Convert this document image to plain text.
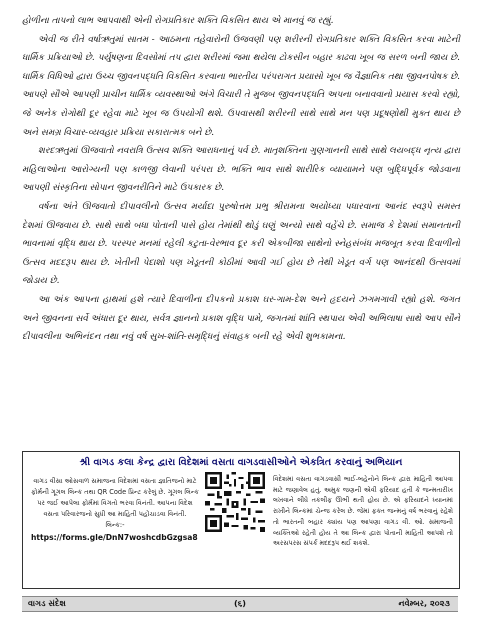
હોળીના તાપનો લાભ આપવાથી એની રોગપ્રતિકાર શક્તિ વિકસિત થાય એ માનવું જ રહ્યું.

એવી જ રીતે વર્ષાઋતુમાં સાતમ - આઠમના તહેવારોની ઉજવણી પણ શરીરની રોગપ્રતિકાર શક્તિ વિકસિત કરવા માટેની ધાર્મિક પ્રક્રિયાઓ છે. પર્યુષણના દિવસોમાં તપ દ્વારા શરીરમાં જમા થયેલા ટોકસીન બહાર કાઢવા ખૂબ જ સરળ બની જાય છે. ધાર્મિક વિધિઓ દ્વારા ઉચ્ચ જીવનપદ્ધતિ વિકસિત કરવાના ભારતીય પરંપરાગત પ્રયાસો ખૂબ જ વૈજ્ઞાનિક તથા જીવનપોષક છે. આપણે સૌએ આપણી પ્રાચીન ધાર્મિક વ્યવસ્થાઓ અંગે વિચારી તે મુજબ જીવનપદ્ધતિ અપના બનાવવાનો પ્રયાસ કરવો રહ્યો, જે અનેક રોગોથી દૂર રહેવા માટે ખૂબ જ ઉપયોગી થશે. ઉપવાસથી શરીરની સાથે સાથે મન પણ પ્રદૂષણોથી મુક્ત થાય છે અને સમગ્ર વિચાર-વ્યવહાર પ્રક્રિયા સકારાત્મક બને છે.

શરદઋતુમાં ઊજવાતો નવરાત્રિ ઉત્સવ શક્તિ આરાધનાનું પર્વ છે. માતૃશક્તિના ગુણગાનની સાથે સાથે લયબદ્ધ નૃત્ય દ્વારા મહિલાઓના આરોગ્યની પણ કાળજી લેવાની પરંપરા છે. ભક્તિ ભાવ સાથે શારીરિક વ્યાયામને પણ બુદ્ધિપૂર્વક જોડવાના આપણી સંસ્કૃતિના સોપાન જીવનરીતિને માટે ઉપકારક છે.

વર્ષના અંતે ઊજવાતો દીપાવલીનો ઉત્સવ મર્યાદા પુરુષોત્તમ પ્રભુ શ્રીરામના અયોધ્યા પધારવાના આનંદ સ્વરૂપે સમસ્ત દેશમાં ઊજવાય છે. સાથે સાથે બધા પોતાની પાસે હોય તેમાંથી થોડું ઘણું અન્યો સાથે વહેંચે છે. સમાજ કે દેશમાં સમાનતાની ભાવનામાં વૃદ્ધિ થાય છે. પરસ્પર મનમાં રહેલી કટુતા-વેરભાવ દૂર કરી એકબીજા સાથેનો સ્નેહસંબંધ મજબૂત કરવા દિવાળીનો ઉત્સવ મદદરૂપ થાય છે. ખેતીની પેદાશો પણ ખેડૂતની કોઠીમાં આવી ગઈ હોય છે તેથી ખેડૂત વર્ગ પણ આનંદથી ઉત્સવમાં જોડાય છે.

આ અંક આપના હાથમાં હશે ત્યારે દિવાળીના દીપકનો પ્રકાશ ઘર-ગામ-દેશ અને હૃદયને ઝગમગાવી રહ્યો હશે. જગત અને જીવનના સર્વે અંધારા દૂર થાય, સર્વત્ર જ્ઞાનનો પ્રકાશ વૃદ્ધિ પામે, જગતમાં શાંતિ સ્થપાય એવી અભિલાષા સાથે આપ સૌને દીપાવલીના અભિનંદન તથા નવું વર્ષ સુખ-શાંતિ-સમૃદ્ધિનું સંવાહક બની રહે એવી શુભકામના.

શ્રી વાગડ કલા કેન્દ્ર દ્વારા વિદેશમાં વસતા વાગડવાસીઓને એકત્રિત કરવાનું અભિયાન
વાગડ વીસા ઓસવાળ સમાજના વિદેશમાં વસતા જ્ઞાતિજનો માટે ફોર્મની ગૂગલ લિન્ક તથા QR Code પ્રિન્ટ કરેલું છે. ગૂગલ લિન્ક પર જઈ આપેલા ફોર્મમાં વિગતો ભરવા વિનંતી. આપના વિદેશ વસતા પરિવારજનો સુધી આ માહિતી પહોંચાડવા વિનંતી.
લિન્ક:-
https://forms.gle/DnN7woshcdbGzgsa8
વિદેશમાં વસતા વાગડવાસી ભાઈ-બહેનોને લિન્ક દ્વારા માહિતી આપવા માટે જણાવેલ હતું. અમુક જણની એવી ફરિયાદ હતી કે જન્મતારીખ લખવાને લીધે તકલીફ ઊભી થતી હોય છે. એ ફરિયાદને ધ્યાનમાં રાખીને લિન્કમાં ચેન્જ કરેલ છે. જેમાં ફક્ત જન્મનું વર્ષ ભરવાનું રહેશે તો ભારતની બહાર ક્યાંય પણ આપણા વાગડ વી. ઓ. સમાજની વ્યક્તિઓ રહેતી હોય તે આ લિન્ક દ્વારા પોતાની માહિતી આપશે તો અરસપરસ સંપર્ક મદદરૂપ થઈ શકશે.
(૬)
વાગડ સંદેશ	નવેમ્બર, ૨૦૨૩
